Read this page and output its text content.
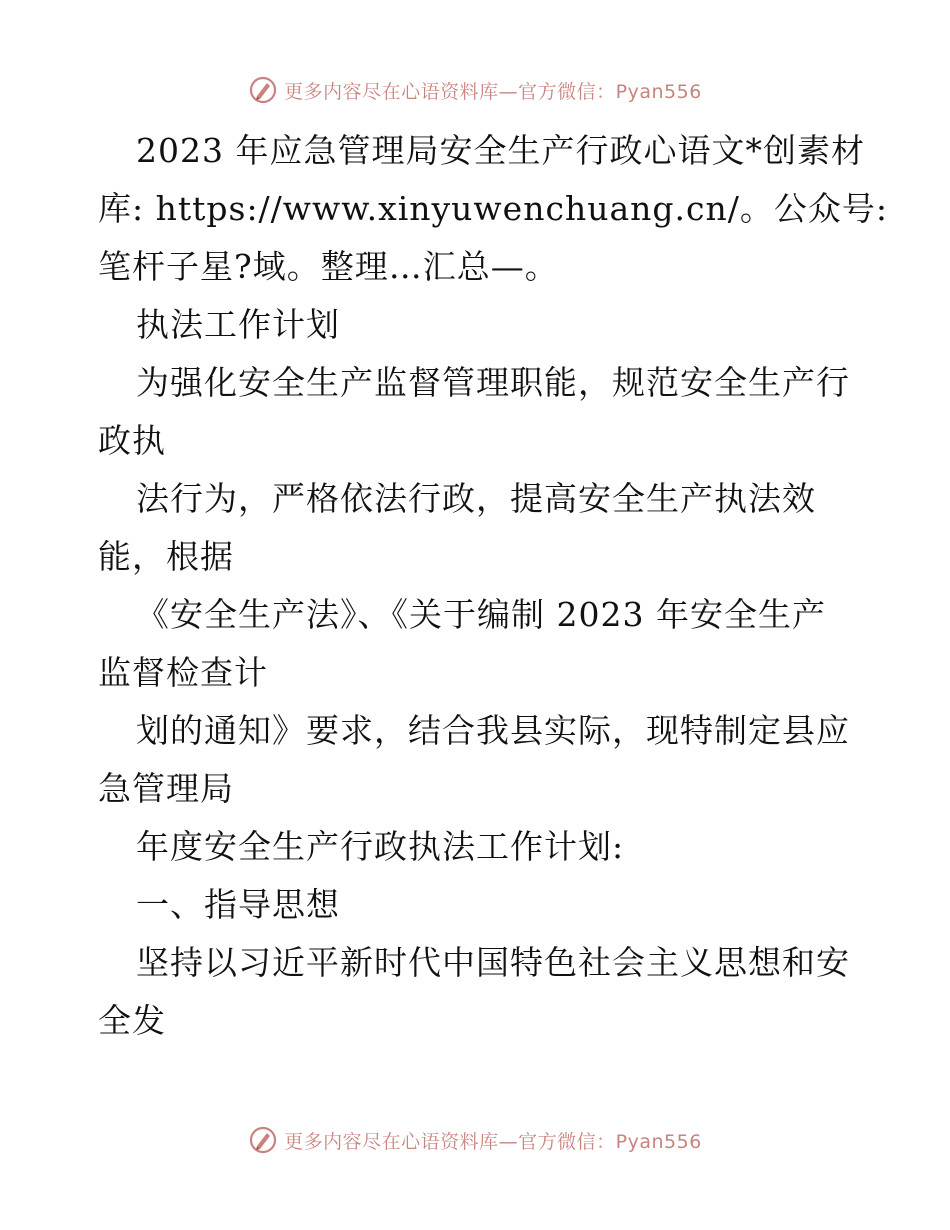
更多内容尽在心语资料库—官方微信：Pyan556
2023 年应急管理局安全生产行政心语文*创素材
库: https://www.xinyuwenchuang.cn/。公众号:
笔杆子星?域。整理…汇总—。
执法工作计划
为强化安全生产监督管理职能，规范安全生产行
政执
法行为，严格依法行政，提高安全生产执法效
能，根据
《安全生产法》、《关于编制 2023 年安全生产
监督检查计
划的通知》要求，结合我县实际，现特制定县应
急管理局
年度安全生产行政执法工作计划:
一、指导思想
坚持以习近平新时代中国特色社会主义思想和安
全发
更多内容尽在心语资料库—官方微信：Pyan556
